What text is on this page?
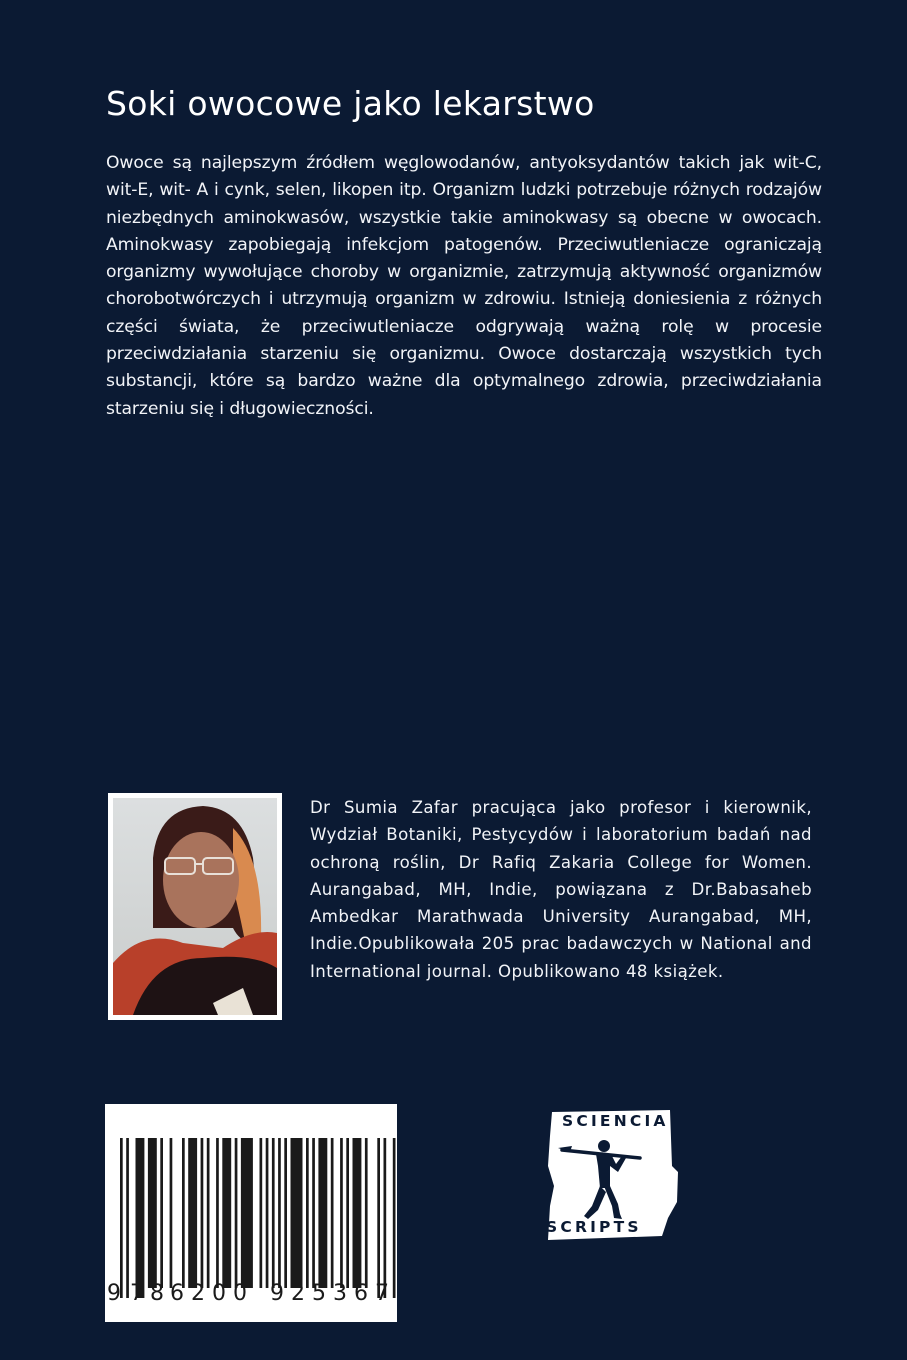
Soki owocowe jako lekarstwo

Owoce są najlepszym źródłem węglowodanów, antyoksydantów takich jak wit-C, wit-E, wit- A i cynk, selen, likopen itp. Organizm ludzki potrzebuje różnych rodzajów niezbędnych aminokwasów, wszystkie takie aminokwasy są obecne w owocach. Aminokwasy zapobiegają infekcjom patogenów. Przeciwutleniacze ograniczają organizmy wywołujące choroby w organizmie, zatrzymują aktywność organizmów chorobotwórczych i utrzymują organizm w zdrowiu. Istnieją doniesienia z różnych części świata, że przeciwutleniacze odgrywają ważną rolę w procesie przeciwdziałania starzeniu się organizmu. Owoce dostarczają wszystkich tych substancji, które są bardzo ważne dla optymalnego zdrowia, przeciwdziałania starzeniu się i długowieczności.

Dr Sumia Zafar pracująca jako profesor i kierownik, Wydział Botaniki, Pestycydów i laboratorium badań nad ochroną roślin, Dr Rafiq Zakaria College for Women. Aurangabad, MH, Indie, powiązana z Dr.Babasaheb Ambedkar Marathwada University Aurangabad, MH, Indie.Opublikowała 205 prac badawczych w National and International journal. Opublikowano 48 książek.

9 7 8 6 2 0 0 9 2 5 3 6 7
SCIENCIA
SCRIPTS
